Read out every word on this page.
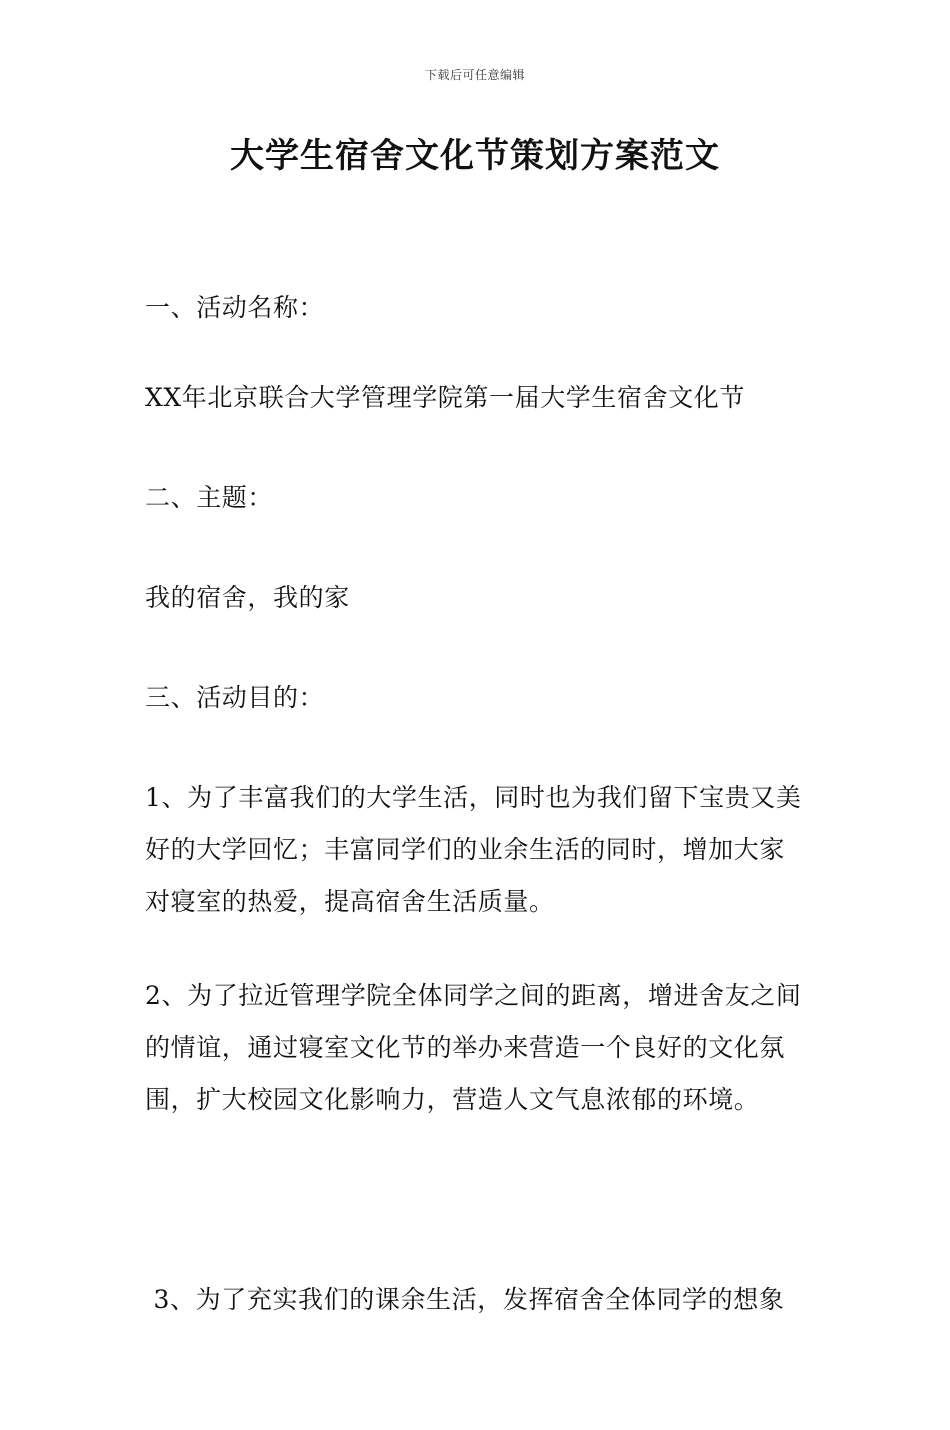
下载后可任意编辑
大学生宿舍文化节策划方案范文

一、活动名称：

XX年北京联合大学管理学院第一届大学生宿舍文化节

二、主题：

我的宿舍，我的家

三、活动目的：

1、为了丰富我们的大学生活，同时也为我们留下宝贵又美
好的大学回忆；丰富同学们的业余生活的同时，增加大家
对寝室的热爱，提高宿舍生活质量。

2、为了拉近管理学院全体同学之间的距离，增进舍友之间
的情谊，通过寝室文化节的举办来营造一个良好的文化氛
围，扩大校园文化影响力，营造人文气息浓郁的环境。

3、为了充实我们的课余生活，发挥宿舍全体同学的想象
